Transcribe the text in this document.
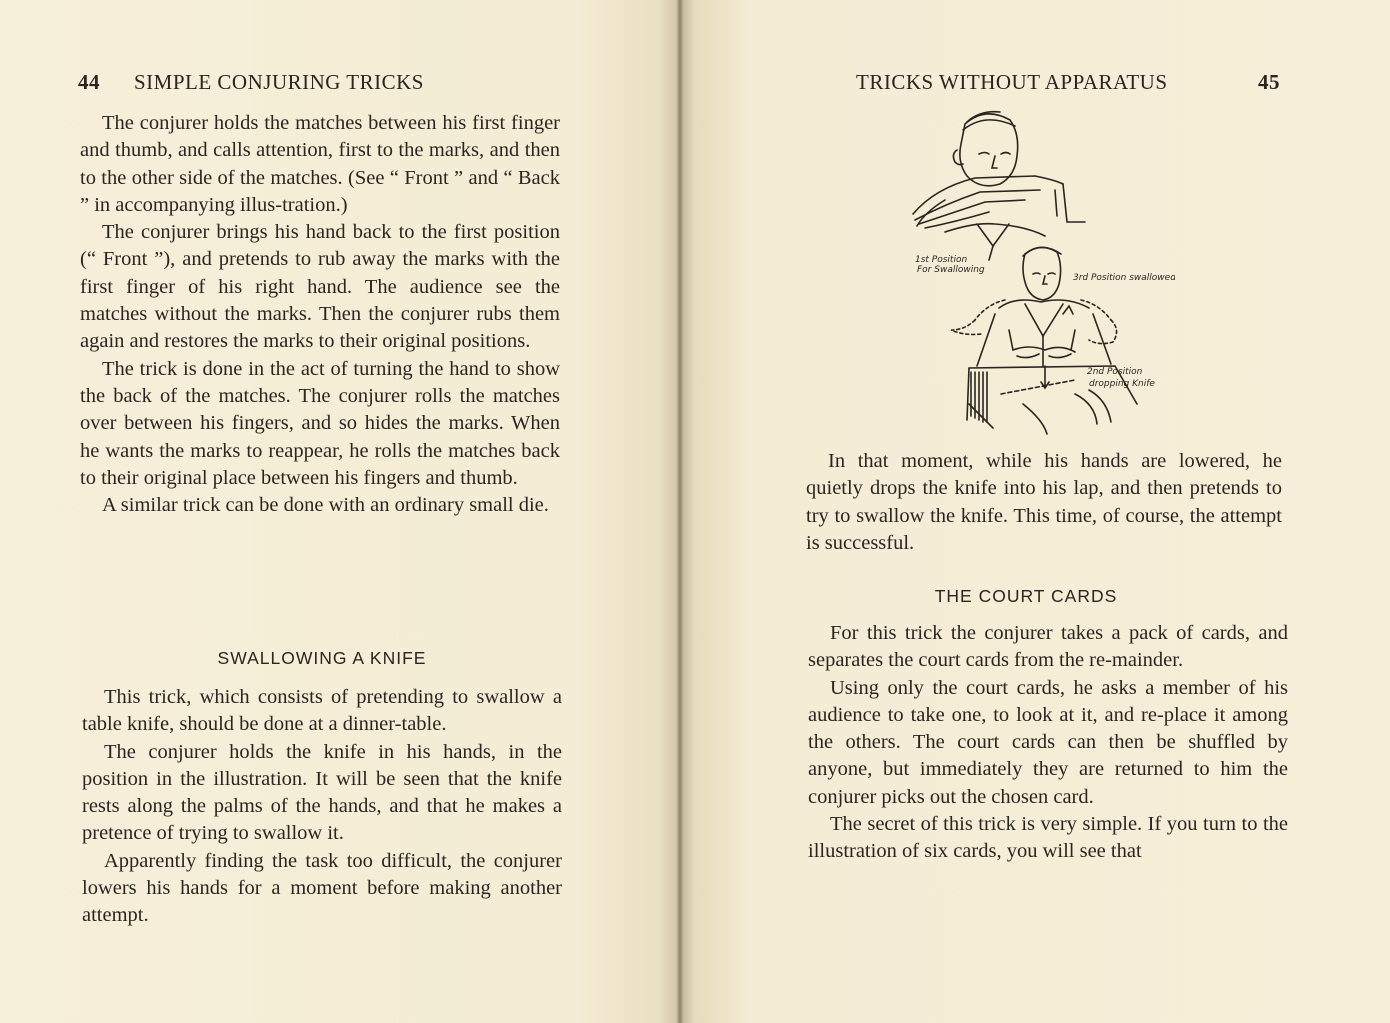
44 SIMPLE CONJURING TRICKS

The conjurer holds the matches between his first finger and thumb, and calls attention, first to the marks, and then to the other side of the matches. (See “ Front ” and “ Back ” in accompanying illus-tration.)

The conjurer brings his hand back to the first position (“ Front ”), and pretends to rub away the marks with the first finger of his right hand. The audience see the matches without the marks. Then the conjurer rubs them again and restores the marks to their original positions.

The trick is done in the act of turning the hand to show the back of the matches. The conjurer rolls the matches over between his fingers, and so hides the marks. When he wants the marks to reappear, he rolls the matches back to their original place between his fingers and thumb.

A similar trick can be done with an ordinary small die.

SWALLOWING A KNIFE

This trick, which consists of pretending to swallow a table knife, should be done at a dinner-table.

The conjurer holds the knife in his hands, in the position in the illustration. It will be seen that the knife rests along the palms of the hands, and that he makes a pretence of trying to swallow it.

Apparently finding the task too difficult, the conjurer lowers his hands for a moment before making another attempt.

TRICKS WITHOUT APPARATUS	45
1st Position
For Swallowing
3rd Position swallowed
2nd Position
dropping Knife

In that moment, while his hands are lowered, he quietly drops the knife into his lap, and then pretends to try to swallow the knife. This time, of course, the attempt is successful.

THE COURT CARDS

For this trick the conjurer takes a pack of cards, and separates the court cards from the re-mainder.

Using only the court cards, he asks a member of his audience to take one, to look at it, and re-place it among the others. The court cards can then be shuffled by anyone, but immediately they are returned to him the conjurer picks out the chosen card.

The secret of this trick is very simple. If you turn to the illustration of six cards, you will see that
